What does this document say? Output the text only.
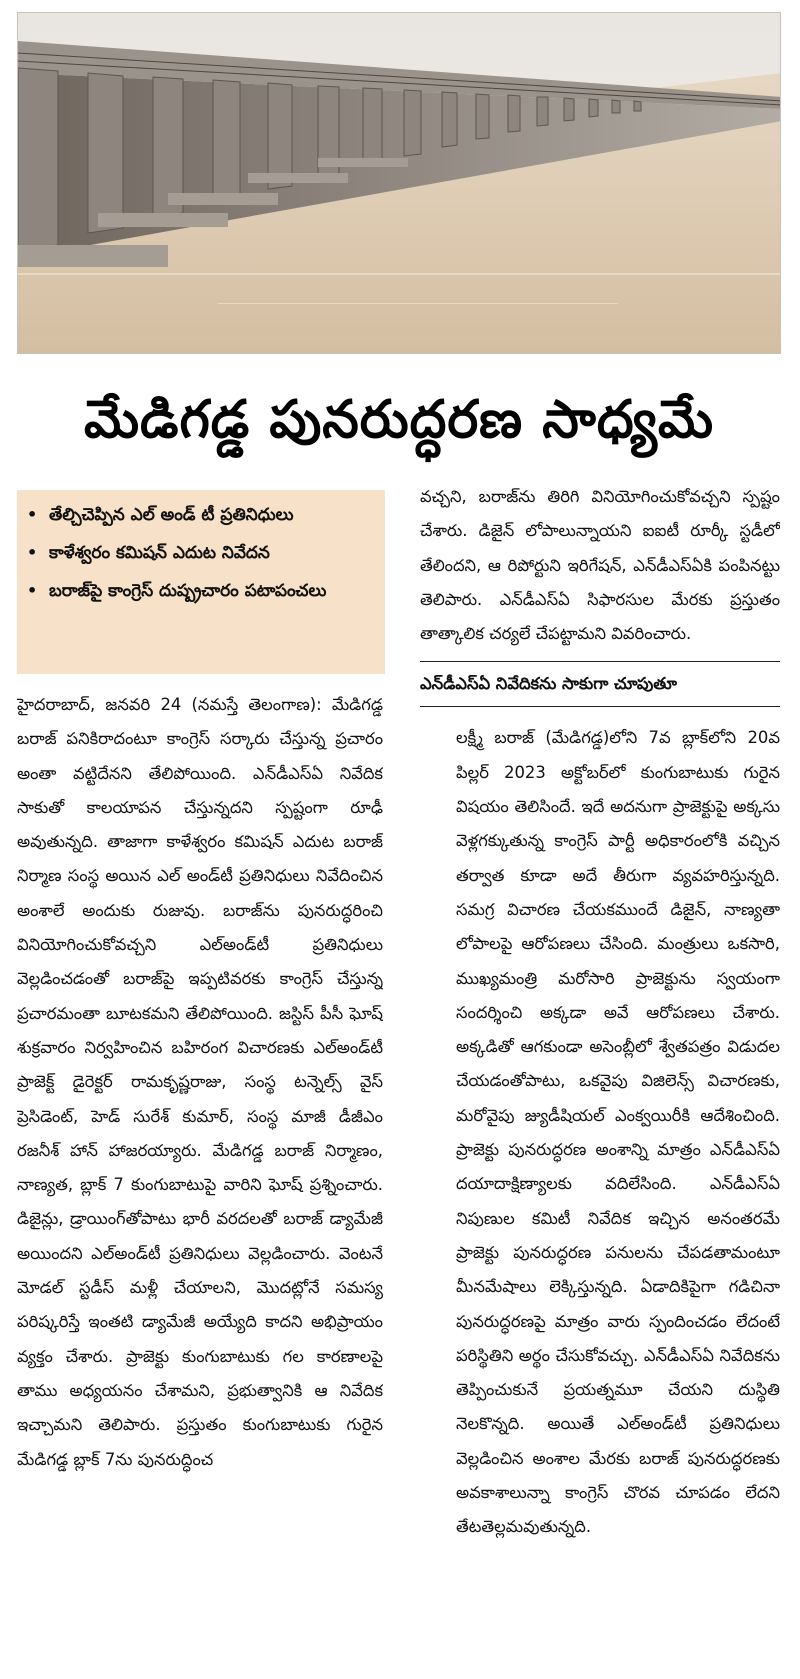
మేడిగడ్డ పునరుద్ధరణ సాధ్యమే
• తేల్చిచెప్పిన ఎల్ అండ్ టీ ప్రతినిధులు
• కాళేశ్వరం కమిషన్ ఎదుట నివేదన
• బరాజ్‌పై కాంగ్రెస్ దుష్ప్రచారం పటాపంచలు

హైదరాబాద్, జనవరి 24 (నమస్తే తెలంగాణ): మేడిగడ్డ బరాజ్ పనికిరాదంటూ కాంగ్రెస్ సర్కారు చేస్తున్న ప్రచారం అంతా వట్టిదేనని తేలిపోయింది. ఎన్‌డీఎస్‌ఏ నివేదిక సాకుతో కాలయాపన చేస్తున్నదని స్పష్టంగా రూఢీ అవుతున్నది. తాజాగా కాళేశ్వరం కమిషన్ ఎదుట బరాజ్ నిర్మాణ సంస్థ అయిన ఎల్ అండ్‌టీ ప్రతినిధులు నివేదించిన అంశాలే అందుకు రుజువు. బరాజ్‌ను పునరుద్ధరించి వినియోగించుకోవచ్చని ఎల్‌అండ్‌టీ ప్రతినిధులు వెల్లడించడంతో బరాజ్‌పై ఇప్పటివరకు కాంగ్రెస్ చేస్తున్న ప్రచారమంతా బూటకమని తేలిపోయింది. జస్టిస్ పీసీ ఘోష్ శుక్రవారం నిర్వహించిన బహిరంగ విచారణకు ఎల్‌అండ్‌టీ ప్రాజెక్ట్ డైరెక్టర్ రామకృష్ణరాజు, సంస్థ టన్నెల్స్ వైస్ ప్రెసిడెంట్, హెడ్ సురేశ్ కుమార్, సంస్థ మాజీ డీజీఎం రజనీశ్ హాన్ హాజరయ్యారు. మేడిగడ్డ బరాజ్ నిర్మాణం, నాణ్యత, బ్లాక్ 7 కుంగుబాటుపై వారిని ఘోష్ ప్రశ్నించారు. డిజైన్లు, డ్రాయింగ్‌తోపాటు భారీ వరదలతో బరాజ్ డ్యామేజీ అయిందని ఎల్‌అండ్‌టీ ప్రతినిధులు వెల్లడించారు. వెంటనే మోడల్ స్టడీస్ మళ్లీ చేయాలని, మొదట్లోనే సమస్య పరిష్కరిస్తే ఇంతటి డ్యామేజీ అయ్యేది కాదని అభిప్రాయం వ్యక్తం చేశారు. ప్రాజెక్టు కుంగుబాటుకు గల కారణాలపై తాము అధ్యయనం చేశామని, ప్రభుత్వానికి ఆ నివేదిక ఇచ్చామని తెలిపారు. ప్రస్తుతం కుంగుబాటుకు గురైన మేడిగడ్డ బ్లాక్ 7ను పునరుద్ధించ

వచ్చని, బరాజ్‌ను తిరిగి వినియోగించుకోవచ్చని స్పష్టం చేశారు. డిజైన్ లోపాలున్నాయని ఐఐటీ రూర్కీ స్టడీలో తేలిందని, ఆ రిపోర్టుని ఇరిగేషన్, ఎన్‌డీఎస్‌ఏకి పంపినట్టు తెలిపారు. ఎన్‌డీఎస్‌ఏ సిఫారసుల మేరకు ప్రస్తుతం తాత్కాలిక చర్యలే చేపట్టామని వివరించారు.

ఎన్‌డీఎస్‌ఏ నివేదికను సాకుగా చూపుతూ

లక్ష్మీ బరాజ్ (మేడిగడ్డ)లోని 7వ బ్లాక్‌లోని 20వ పిల్లర్ 2023 అక్టోబర్‌లో కుంగుబాటుకు గురైన విషయం తెలిసిందే. ఇదే అదనుగా ప్రాజెక్టుపై అక్కసు వెళ్లగక్కుతున్న కాంగ్రెస్ పార్టీ అధికారంలోకి వచ్చిన తర్వాత కూడా అదే తీరుగా వ్యవహరిస్తున్నది. సమగ్ర విచారణ చేయకముందే డిజైన్, నాణ్యతా లోపాలపై ఆరోపణలు చేసింది. మంత్రులు ఒకసారి, ముఖ్యమంత్రి మరోసారి ప్రాజెక్టును స్వయంగా సందర్శించి అక్కడా అవే ఆరోపణలు చేశారు. అక్కడితో ఆగకుండా అసెంబ్లీలో శ్వేతపత్రం విడుదల చేయడంతోపాటు, ఒకవైపు విజిలెన్స్ విచారణకు, మరోవైపు జ్యుడీషియల్ ఎంక్వయిరీకి ఆదేశించింది. ప్రాజెక్టు పునరుద్ధరణ అంశాన్ని మాత్రం ఎన్‌డీఎస్‌ఏ దయాదాక్షిణ్యాలకు వదిలేసింది. ఎన్‌డీఎస్‌ఏ నిపుణుల కమిటీ నివేదిక ఇచ్చిన అనంతరమే ప్రాజెక్టు పునరుద్ధరణ పనులను చేపడతామంటూ మీనమేషాలు లెక్కిస్తున్నది. ఏడాదికిపైగా గడిచినా పునరుద్ధరణపై మాత్రం వారు స్పందించడం లేదంటే పరిస్థితిని అర్థం చేసుకోవచ్చు. ఎన్‌డీఎస్‌ఏ నివేదికను తెప్పించుకునే ప్రయత్నమూ చేయని దుస్థితి నెలకొన్నది. అయితే ఎల్‌అండ్‌టీ ప్రతినిధులు వెల్లడించిన అంశాల మేరకు బరాజ్ పునరుద్ధరణకు అవకాశాలున్నా కాంగ్రెస్ చొరవ చూపడం లేదని తేటతెల్లమవుతున్నది.
